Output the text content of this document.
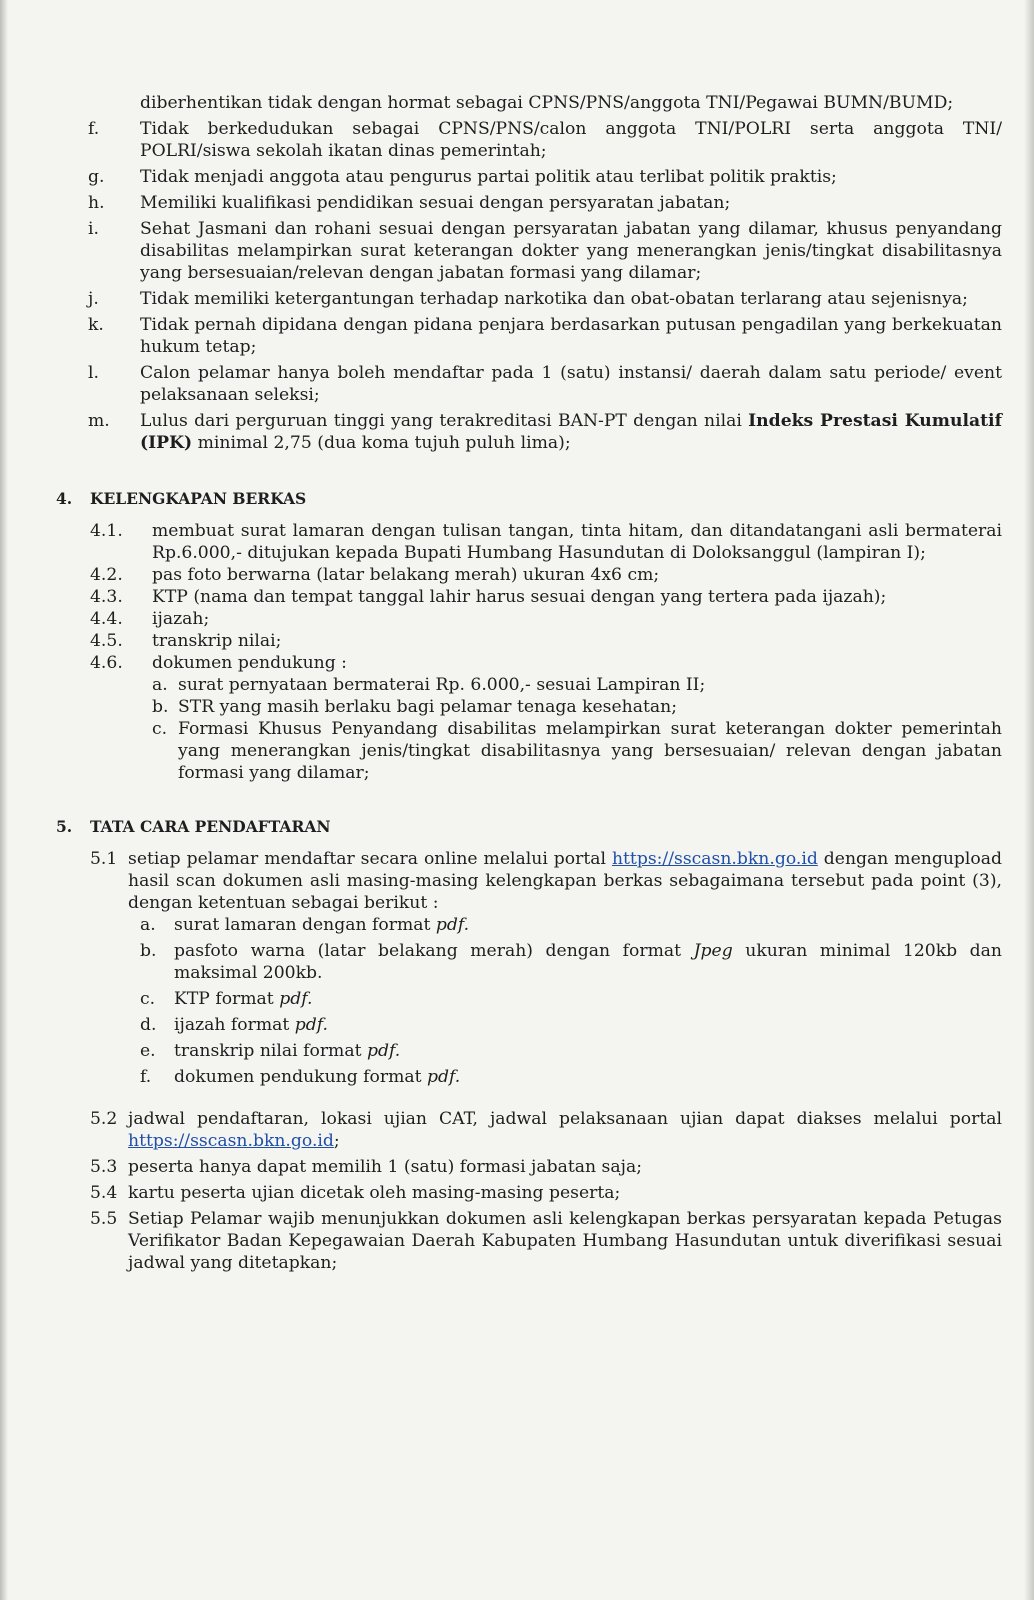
diberhentikan tidak dengan hormat sebagai CPNS/PNS/anggota TNI/Pegawai BUMN/BUMD;
f.	Tidak berkedudukan sebagai CPNS/PNS/calon anggota TNI/POLRI serta anggota TNI/ POLRI/siswa sekolah ikatan dinas pemerintah;
g.	Tidak menjadi anggota atau pengurus partai politik atau terlibat politik praktis;
h.	Memiliki kualifikasi pendidikan sesuai dengan persyaratan jabatan;
i.	Sehat Jasmani dan rohani sesuai dengan persyaratan jabatan yang dilamar, khusus penyandang disabilitas melampirkan surat keterangan dokter yang menerangkan jenis/tingkat disabilitasnya yang bersesuaian/relevan dengan jabatan formasi yang dilamar;
j.	Tidak memiliki ketergantungan terhadap narkotika dan obat-obatan terlarang atau sejenisnya;
k.	Tidak pernah dipidana dengan pidana penjara berdasarkan putusan pengadilan yang berkekuatan hukum tetap;
l.	Calon pelamar hanya boleh mendaftar pada 1 (satu) instansi/ daerah dalam satu periode/ event pelaksanaan seleksi;
m.	Lulus dari perguruan tinggi yang terakreditasi BAN-PT dengan nilai Indeks Prestasi Kumulatif (IPK) minimal 2,75 (dua koma tujuh puluh lima);
4.	KELENGKAPAN BERKAS
4.1.	membuat surat lamaran dengan tulisan tangan, tinta hitam, dan ditandatangani asli bermaterai Rp.6.000,- ditujukan kepada Bupati Humbang Hasundutan di Doloksanggul (lampiran I);
4.2.	pas foto berwarna (latar belakang merah) ukuran 4x6 cm;
4.3.	KTP (nama dan tempat tanggal lahir harus sesuai dengan yang tertera pada ijazah);
4.4.	ijazah;
4.5.	transkrip nilai;
4.6.	dokumen pendukung :
a. surat pernyataan bermaterai Rp. 6.000,- sesuai Lampiran II;
b. STR yang masih berlaku bagi pelamar tenaga kesehatan;
c. Formasi Khusus Penyandang disabilitas melampirkan surat keterangan dokter pemerintah yang menerangkan jenis/tingkat disabilitasnya yang bersesuaian/ relevan dengan jabatan formasi yang dilamar;
5.	TATA CARA PENDAFTARAN
5.1 setiap pelamar mendaftar secara online melalui portal https://sscasn.bkn.go.id dengan mengupload hasil scan dokumen asli masing-masing kelengkapan berkas sebagaimana tersebut pada point (3), dengan ketentuan sebagai berikut :
a.	surat lamaran dengan format pdf.
b.	pasfoto warna (latar belakang merah) dengan format Jpeg ukuran minimal 120kb dan maksimal 200kb.
c.	KTP format pdf.
d.	ijazah format pdf.
e.	transkrip nilai format pdf.
f.	dokumen pendukung format pdf.
5.2 jadwal pendaftaran, lokasi ujian CAT, jadwal pelaksanaan ujian dapat diakses melalui portal https://sscasn.bkn.go.id;
5.3 peserta hanya dapat memilih 1 (satu) formasi jabatan saja;
5.4 kartu peserta ujian dicetak oleh masing-masing peserta;
5.5 Setiap Pelamar wajib menunjukkan dokumen asli kelengkapan berkas persyaratan kepada Petugas Verifikator Badan Kepegawaian Daerah Kabupaten Humbang Hasundutan untuk diverifikasi sesuai jadwal yang ditetapkan;
